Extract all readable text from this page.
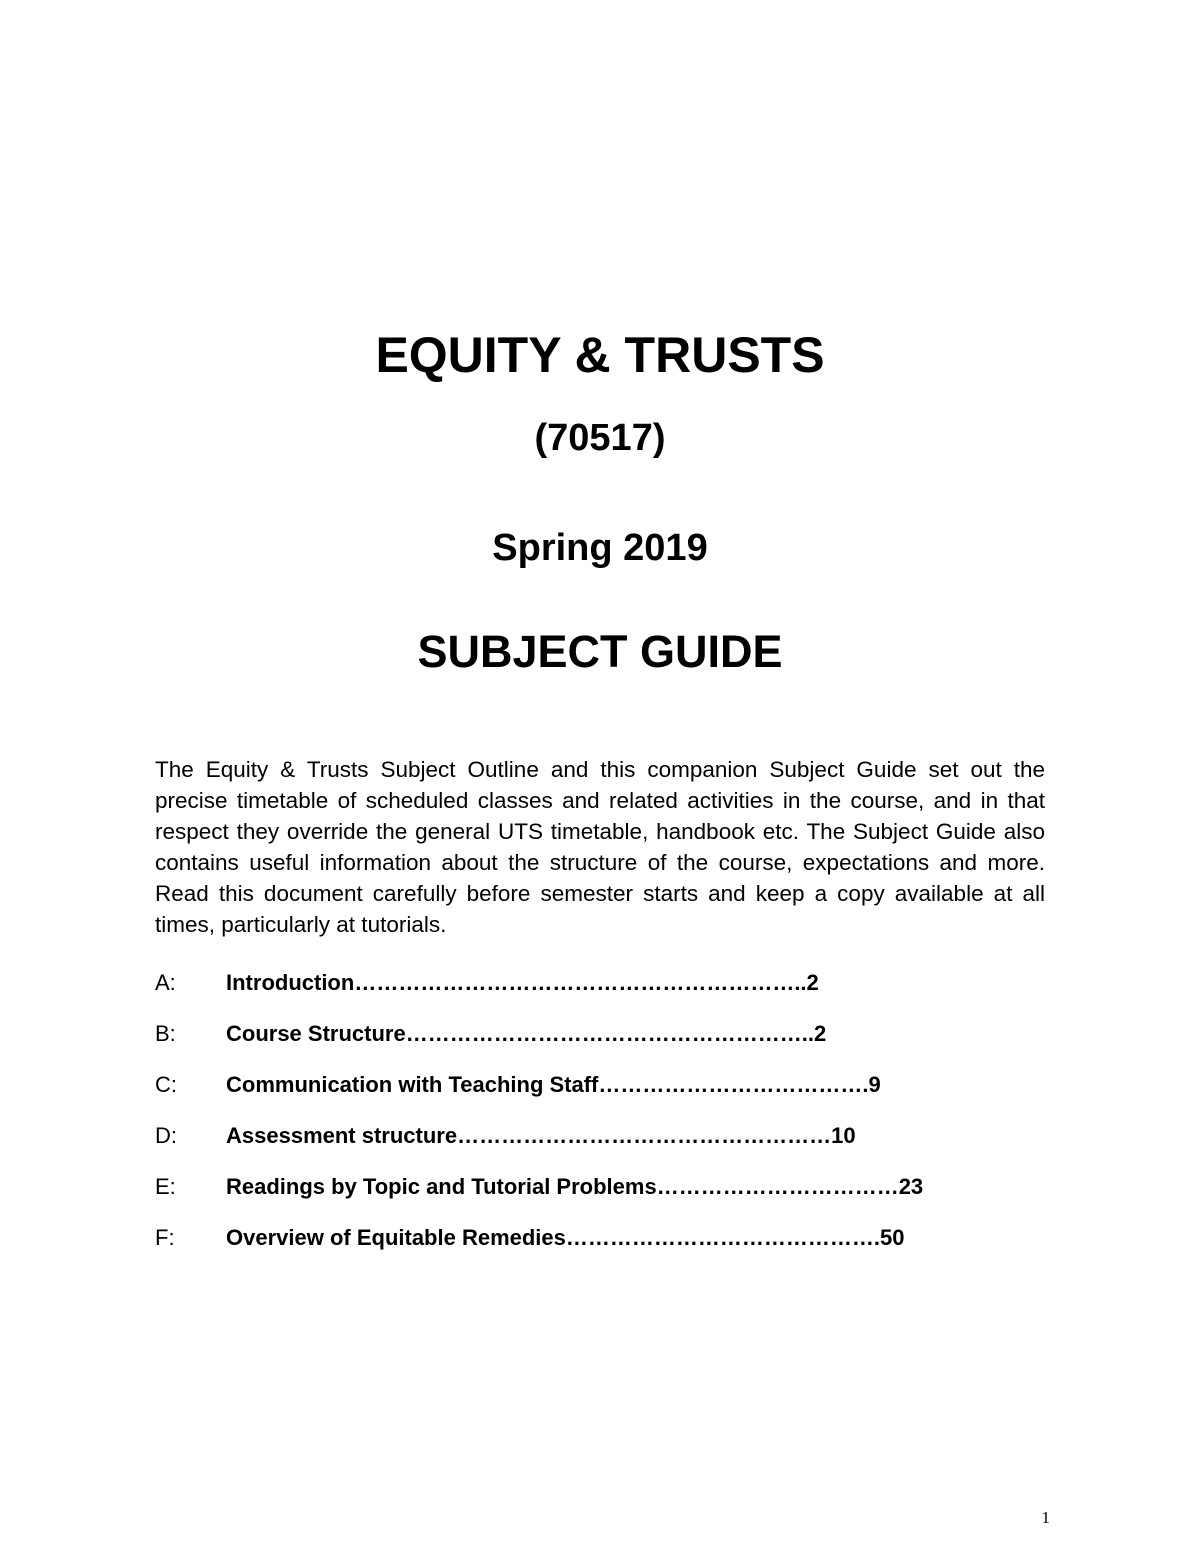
EQUITY & TRUSTS
(70517)
Spring 2019
SUBJECT GUIDE

The Equity & Trusts Subject Outline and this companion Subject Guide set out the precise timetable of scheduled classes and related activities in the course, and in that respect they override the general UTS timetable, handbook etc. The Subject Guide also contains useful information about the structure of the course, expectations and more. Read this document carefully before semester starts and keep a copy available at all times, particularly at tutorials.

A:	Introduction …………………………………………………….. 2
B:	Course Structure ……………………………………………….. 2
C:	Communication with Teaching Staff ………………………………. 9
D:	Assessment structure …………………………………………… 10
E:	Readings by Topic and Tutorial Problems …………………………… 23
F:	Overview of Equitable Remedies ……………………………………. 50
1
